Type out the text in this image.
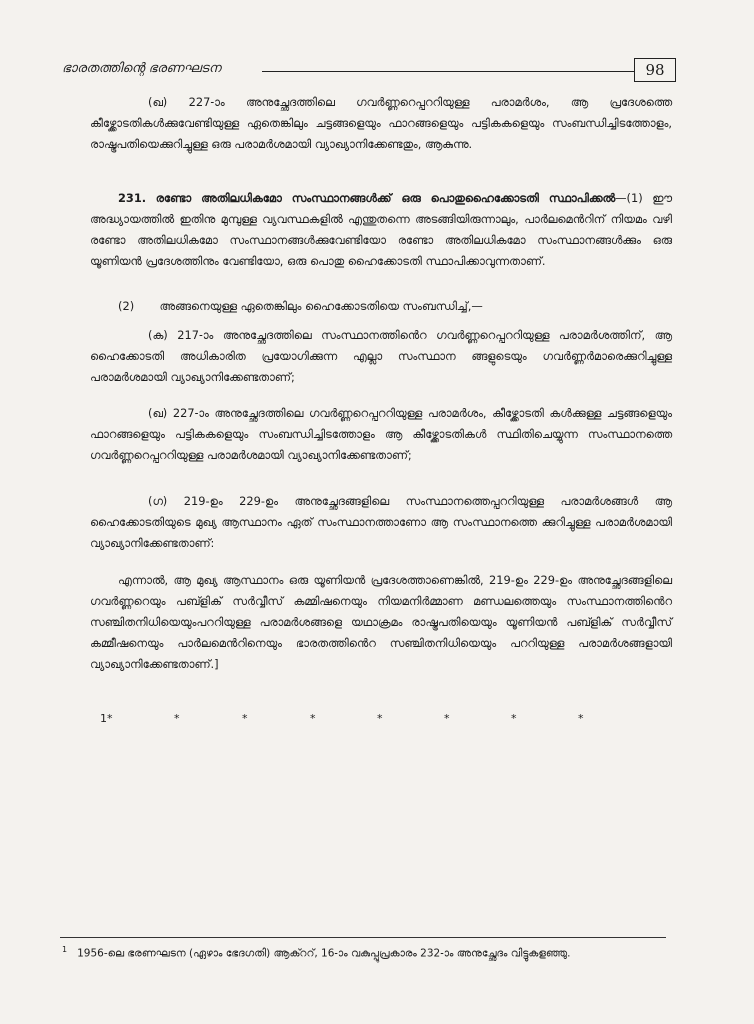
ഭാരതത്തിന്റെ ഭരണഘടന	98
(ഖ) 227-ാം അനുച്ഛേദത്തിലെ ഗവർണ്ണറെപ്പററിയുള്ള പരാമർശം, ആ പ്രദേശത്തെ കീഴ്ക്കോടതികൾക്കുവേണ്ടിയുള്ള ഏതെങ്കിലും ചട്ടങ്ങളെയും ഫാറങ്ങളെയും പട്ടികകളെയും സംബന്ധിച്ചിടത്തോളം, രാഷ്ട്രപതിയെക്കുറിച്ചുള്ള ഒരു പരാമർശമായി വ്യാഖ്യാനിക്കേണ്ടതും, ആകുന്നു.
231. രണ്ടോ അതിലധികമോ സംസ്ഥാനങ്ങൾക്ക് ഒരു പൊതുഹൈക്കോടതി സ്ഥാപിക്കൽ—(1) ഈ അദ്ധ്യായത്തിൽ ഇതിനു മുമ്പുള്ള വ്യവസ്ഥകളിൽ എന്തുതന്നെ അടങ്ങിയിരുന്നാലും, പാർലമെൻറിന് നിയമം വഴി രണ്ടോ അതിലധികമോ സംസ്ഥാനങ്ങൾക്കുവേണ്ടിയോ രണ്ടോ അതിലധികമോ സംസ്ഥാനങ്ങൾക്കും ഒരു യൂണിയൻ പ്രദേശത്തിനും വേണ്ടിയോ, ഒരു പൊതു ഹൈക്കോടതി സ്ഥാപിക്കാവുന്നതാണ്.
(2) അങ്ങനെയുള്ള ഏതെങ്കിലും ഹൈക്കോടതിയെ സംബന്ധിച്ച്,—
(ക) 217-ാം അനുച്ഛേദത്തിലെ സംസ്ഥാനത്തിൻെറ ഗവർണ്ണറെപ്പററിയുള്ള പരാമർശത്തിന്, ആ ഹൈക്കോടതി അധികാരിത പ്രയോഗിക്കുന്ന എല്ലാ സംസ്ഥാന ങ്ങളുടെയും ഗവർണ്ണർമാരെക്കുറിച്ചുള്ള പരാമർശമായി വ്യാഖ്യാനിക്കേണ്ടതാണ്;
(ഖ) 227-ാം അനുച്ഛേദത്തിലെ ഗവർണ്ണറെപ്പററിയുള്ള പരാമർശം, കീഴ്ക്കോടതി കൾക്കുള്ള ചട്ടങ്ങളെയും ഫാറങ്ങളെയും പട്ടികകളെയും സംബന്ധിച്ചിടത്തോളം ആ കീഴ്ക്കോടതികൾ സ്ഥിതിചെയ്യുന്ന സംസ്ഥാനത്തെ ഗവർണ്ണറെപ്പററിയുള്ള പരാമർശമായി വ്യാഖ്യാനിക്കേണ്ടതാണ്;
(ഗ) 219-ഉം 229-ഉം അനുച്ഛേദങ്ങളിലെ സംസ്ഥാനത്തെപ്പററിയുള്ള പരാമർശങ്ങൾ ആ ഹൈക്കോടതിയുടെ മുഖ്യ ആസ്ഥാനം ഏത് സംസ്ഥാനത്താണോ ആ സംസ്ഥാനത്തെ ക്കുറിച്ചുള്ള പരാമർശമായി വ്യാഖ്യാനിക്കേണ്ടതാണ്:
എന്നാൽ, ആ മുഖ്യ ആസ്ഥാനം ഒരു യൂണിയൻ പ്രദേശത്താണെങ്കിൽ, 219-ഉം 229-ഉം അനുച്ഛേദങ്ങളിലെ ഗവർണ്ണറെയും പബ്ളിക് സർവ്വീസ് കമ്മിഷനെയും നിയമനിർമ്മാണ മണ്ഡലത്തെയും സംസ്ഥാനത്തിൻെറ സഞ്ചിതനിധിയെയുംപററിയുള്ള പരാമർശങ്ങളെ യഥാക്രമം രാഷ്ട്രപതിയെയും യൂണിയൻ പബ്ളിക് സർവ്വീസ് കമ്മീഷനെയും പാർലമെൻറിനെയും ഭാരതത്തിൻെറ സഞ്ചിതനിധിയെയും പററിയുള്ള പരാമർശങ്ങളായി വ്യാഖ്യാനിക്കേണ്ടതാണ്.]
1*	*	*	*	*	*	*	*
$^1$ 1956-ലെ ഭരണഘടന (ഏഴാം ഭേദഗതി) ആക്ററ്, 16-ാം വകുപ്പുപ്രകാരം 232-ാം അനുച്ഛേദം വിട്ടുകളഞ്ഞു.
